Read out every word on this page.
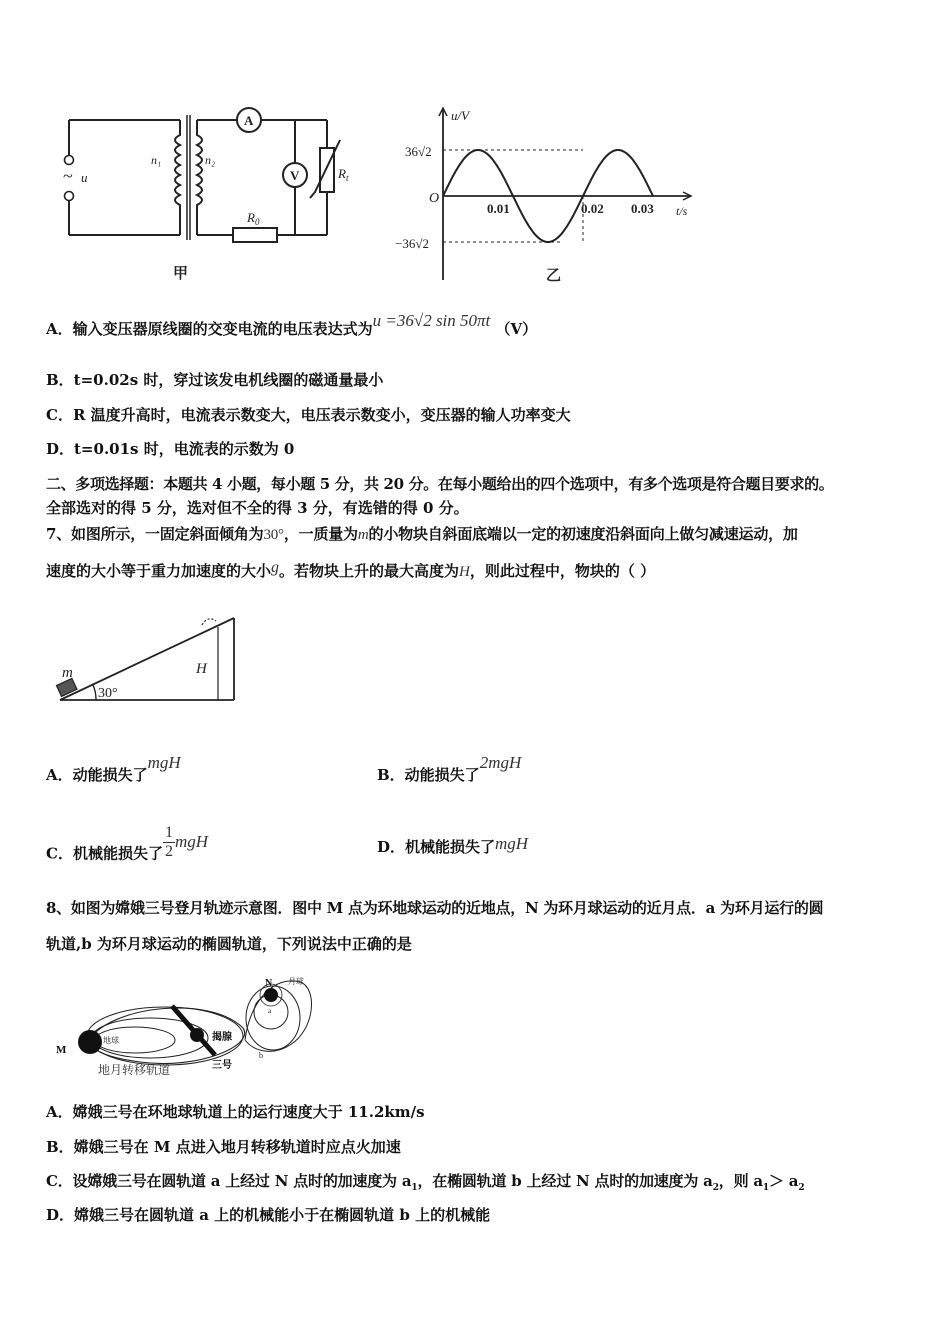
~ u
n₁	n₂
A
V	$R_t$
$R_0$
甲
u/V
t/s
O
36√2
−36√2
0.01	0.02 0.03
乙
A．输入变压器原线圈的交变电流的电压表达式为u =36√2 sin 50πt （V）
B．t=0.02s 时，穿过该发电机线圈的磁通量最小
C．R 温度升高时，电流表示数变大，电压表示数变小，变压器的输人功率变大
D．t=0.01s 时，电流表的示数为 0
二、多项选择题：本题共 4 小题，每小题 5 分，共 20 分。在每小题给出的四个选项中，有多个选项是符合题目要求的。
全部选对的得 5 分，选对但不全的得 3 分，有选错的得 0 分。
7、如图所示，一固定斜面倾角为30°，一质量为m的小物块自斜面底端以一定的初速度沿斜面向上做匀减速运动，加
速度的大小等于重力加速度的大小g。若物块上升的最大高度为H，则此过程中，物块的（ ）
m
30°
H
A．动能损失了mgH
B．动能损失了2mgH
C．机械能损失了 $\frac{1}{2}$ mgH	D．机械能损失了mgH
8、如图为嫦娥三号登月轨迹示意图．图中 M 点为环地球运动的近地点，N 为环月球运动的近月点．a 为环月运行的圆
轨道,b 为环月球运动的椭圆轨道，下列说法中正确的是
M
地球
地月转移轨道
揭腺
三号
N 月球
a
b
A．嫦娥三号在环地球轨道上的运行速度大于 11.2km/s
B．嫦娥三号在 M 点进入地月转移轨道时应点火加速
C．设嫦娥三号在圆轨道 a 上经过 N 点时的加速度为 $a_1$，在椭圆轨道 b 上经过 N 点时的加速度为 $a_2$，则 $a_1> a_2$
D．嫦娥三号在圆轨道 a 上的机械能小于在椭圆轨道 b 上的机械能
